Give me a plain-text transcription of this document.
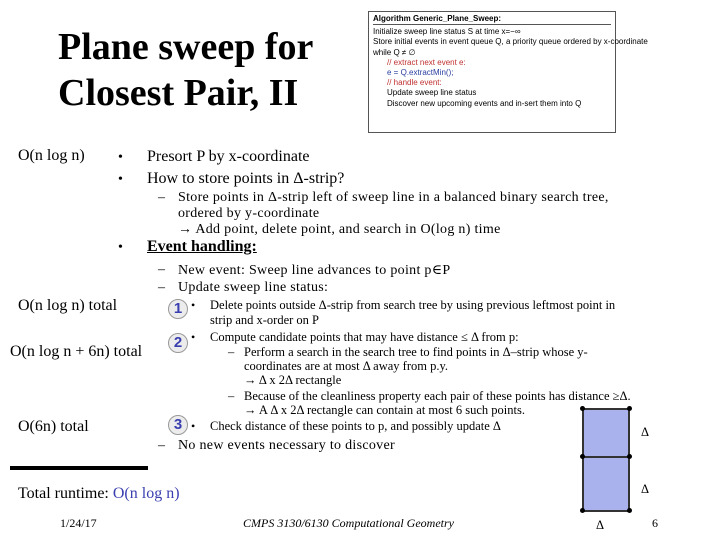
Plane sweep for
Closest Pair, II
Algorithm Generic_Plane_Sweep:
Initialize sweep line status S at time x=−∞
Store initial events in event queue Q, a priority queue ordered by x-coordinate
while Q ≠ ∅
// extract next event e:
e = Q.extractMin();
// handle event:
Update sweep line status
Discover new upcoming events and in-sert them into Q
O(n log n)
O(n log n) total
O(n log n + 6n) total
O(6n) total
• Presort P by x-coordinate
• How to store points in Δ-strip?
– Store points in Δ-strip left of sweep line in a balanced binary search tree,
ordered by y-coordinate
→ Add point, delete point, and search in O(log n) time
• Event handling:
– New event: Sweep line advances to point p∈P
– Update sweep line status:
1
2
3
• Delete points outside Δ-strip from search tree by using previous leftmost point in
strip and x-order on P
• Compute candidate points that may have distance ≤ Δ from p:
– Perform a search in the search tree to find points in Δ–strip whose y-
coordinates are at most Δ away from p.y.
→ Δ x 2Δ rectangle
– Because of the cleanliness property each pair of these points has distance ≥Δ.
→ A Δ x 2Δ rectangle can contain at most 6 such points.
• Check distance of these points to p, and possibly update Δ
– No new events necessary to discover
Total runtime: O(n log n)
Δ
Δ
Δ
1/24/17	CMPS 3130/6130 Computational Geometry	6
